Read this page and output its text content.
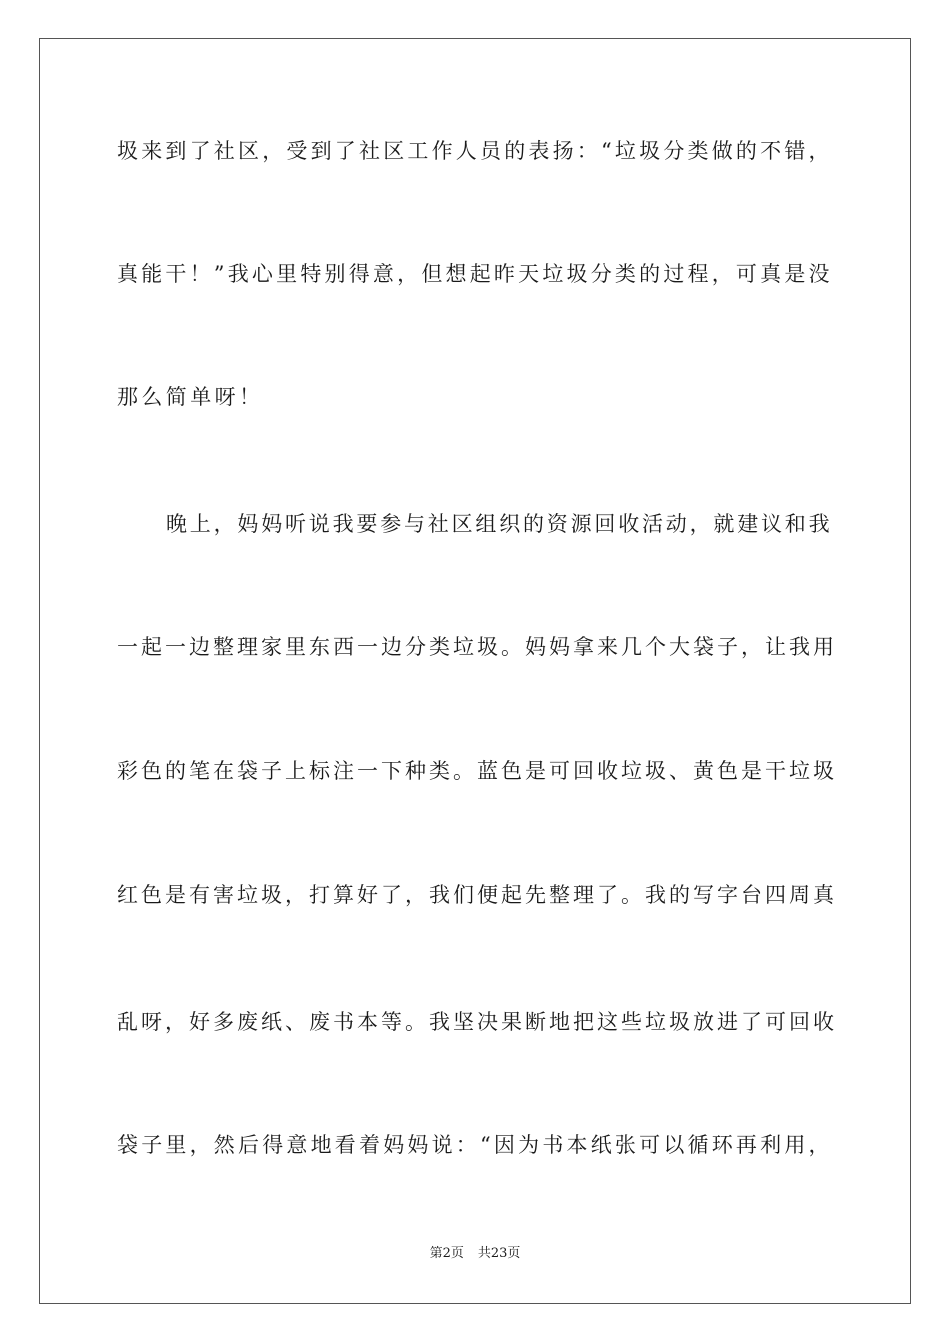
圾来到了社区，受到了社区工作人员的表扬：“垃圾分类做的不错，

真能干！”我心里特别得意，但想起昨天垃圾分类的过程，可真是没

那么简单呀！

晚上，妈妈听说我要参与社区组织的资源回收活动，就建议和我

一起一边整理家里东西一边分类垃圾。妈妈拿来几个大袋子，让我用

彩色的笔在袋子上标注一下种类。蓝色是可回收垃圾、黄色是干垃圾

红色是有害垃圾，打算好了，我们便起先整理了。我的写字台四周真

乱呀，好多废纸、废书本等。我坚决果断地把这些垃圾放进了可回收

袋子里，然后得意地看着妈妈说：“因为书本纸张可以循环再利用，

第2页 共23页
